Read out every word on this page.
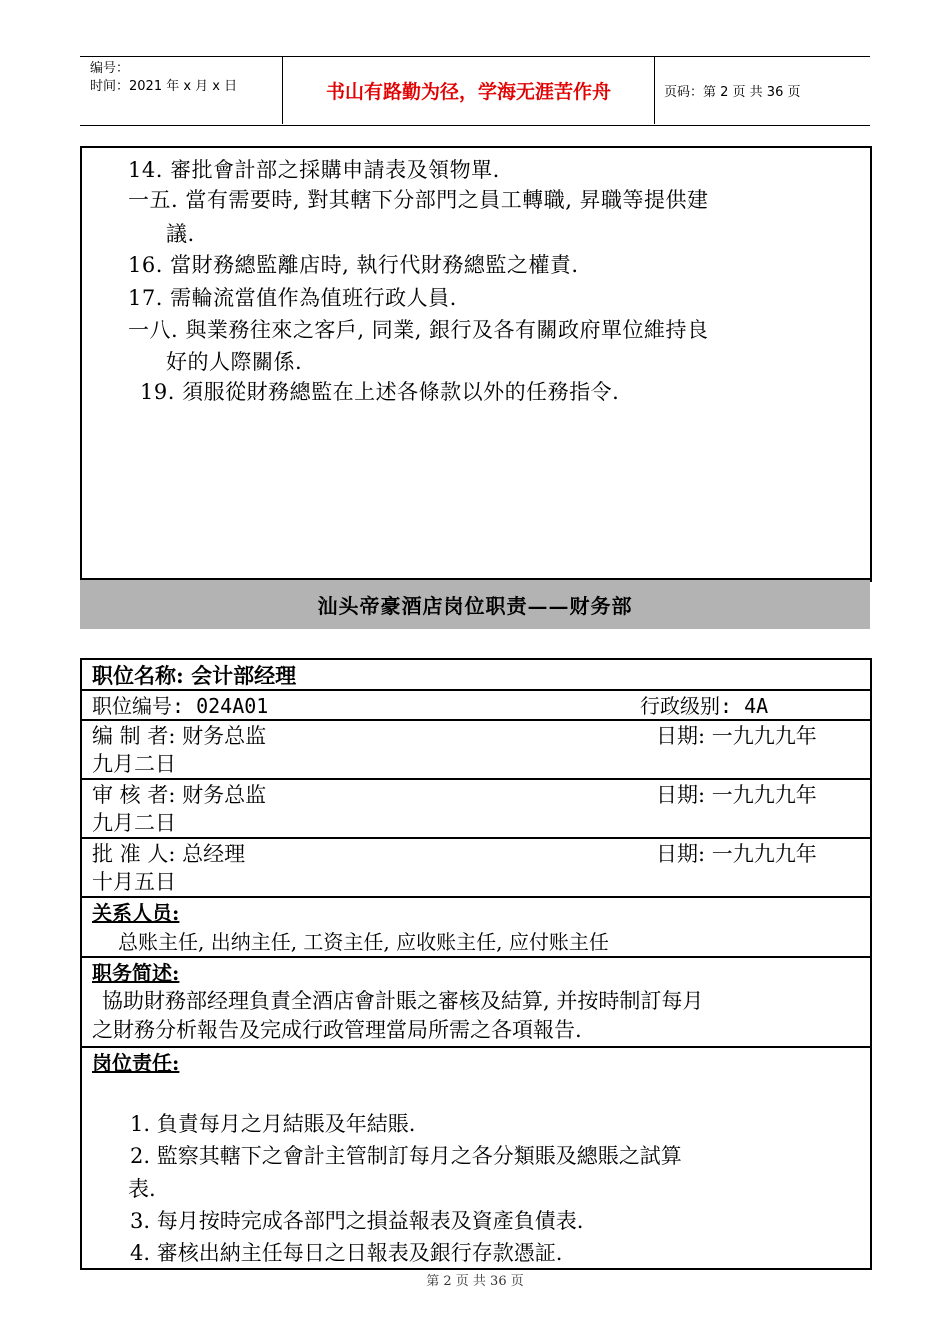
编号：
时间：2021 年 x 月 x 日	书山有路勤为径，学海无涯苦作舟	页码：第 2 页 共 36 页
14. 審批會計部之採購申請表及領物單.
一五. 當有需要時, 對其轄下分部門之員工轉職, 昇職等提供建
議.
16. 當財務總監離店時, 執行代財務總監之權責.
17. 需輪流當值作為值班行政人員.
一八. 與業務往來之客戶, 同業, 銀行及各有關政府單位維持良
好的人際關係.
19. 須服從財務總監在上述各條款以外的任務指令.
汕头帝豪酒店岗位职责——财务部
职位名称: 会计部经理
职位编号: 024A01	行政级别: 4A
编 制 者: 财务总监	日期: 一九九九年
九月二日
审 核 者: 财务总监	日期: 一九九九年
九月二日
批 准 人: 总经理	日期: 一九九九年
十月五日
关系人员:
总账主任, 出纳主任, 工资主任, 应收账主任, 应付账主任
职务简述:
協助財務部经理負責全酒店會計賬之審核及結算, 并按時制訂每月
之財務分析報告及完成行政管理當局所需之各項報告.
岗位责任:
1. 負責每月之月結賬及年結賬.
2. 監察其轄下之會計主管制訂每月之各分類賬及總賬之試算
表.
3. 每月按時完成各部門之損益報表及資產負債表.
4. 審核出納主任每日之日報表及銀行存款憑証.
第 2 页 共 36 页
